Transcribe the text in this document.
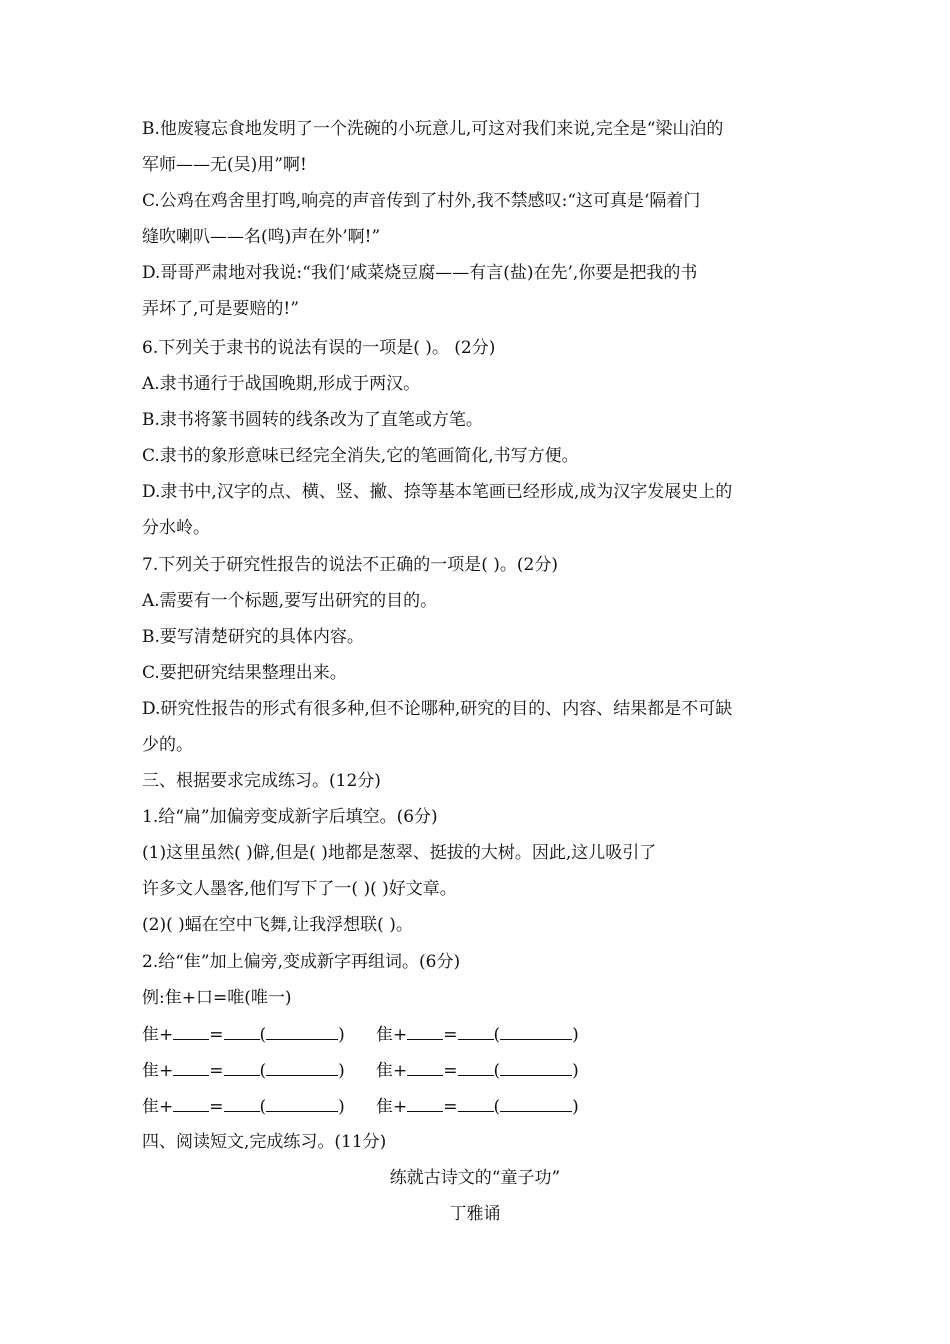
B.他废寝忘食地发明了一个洗碗的小玩意儿,可这对我们来说,完全是“梁山泊的
军师——无(吴)用”啊!
C.公鸡在鸡舍里打鸣,响亮的声音传到了村外,我不禁感叹:“这可真是‘隔着门
缝吹喇叭——名(鸣)声在外’啊!”
D.哥哥严肃地对我说:“我们‘咸菜烧豆腐——有言(盐)在先’,你要是把我的书
弄坏了,可是要赔的!”
6.下列关于隶书的说法有误的一项是( )。 (2分)
A.隶书通行于战国晚期,形成于两汉。
B.隶书将篆书圆转的线条改为了直笔或方笔。
C.隶书的象形意味已经完全消失,它的笔画简化,书写方便。
D.隶书中,汉字的点、横、竖、撇、捺等基本笔画已经形成,成为汉字发展史上的
分水岭。
7.下列关于研究性报告的说法不正确的一项是( )。(2分)
A.需要有一个标题,要写出研究的目的。
B.要写清楚研究的具体内容。
C.要把研究结果整理出来。
D.研究性报告的形式有很多种,但不论哪种,研究的目的、内容、结果都是不可缺
少的。
三、根据要求完成练习。(12分)
1.给“扁”加偏旁变成新字后填空。(6分)
(1)这里虽然( )僻,但是( )地都是葱翠、挺拔的大树。因此,这儿吸引了
许多文人墨客,他们写下了一( )( )好文章。
(2)( )蝠在空中飞舞,让我浮想联( )。
2.给“隹”加上偏旁,变成新字再组词。(6分)
例:隹+口=唯(唯一)
隹+ = (	) 隹+ = (	)
隹+ = (	) 隹+ = (	)
隹+ = (	) 隹+ = (	)
四、阅读短文,完成练习。(11分)
练就古诗文的“童子功”
丁雅诵
